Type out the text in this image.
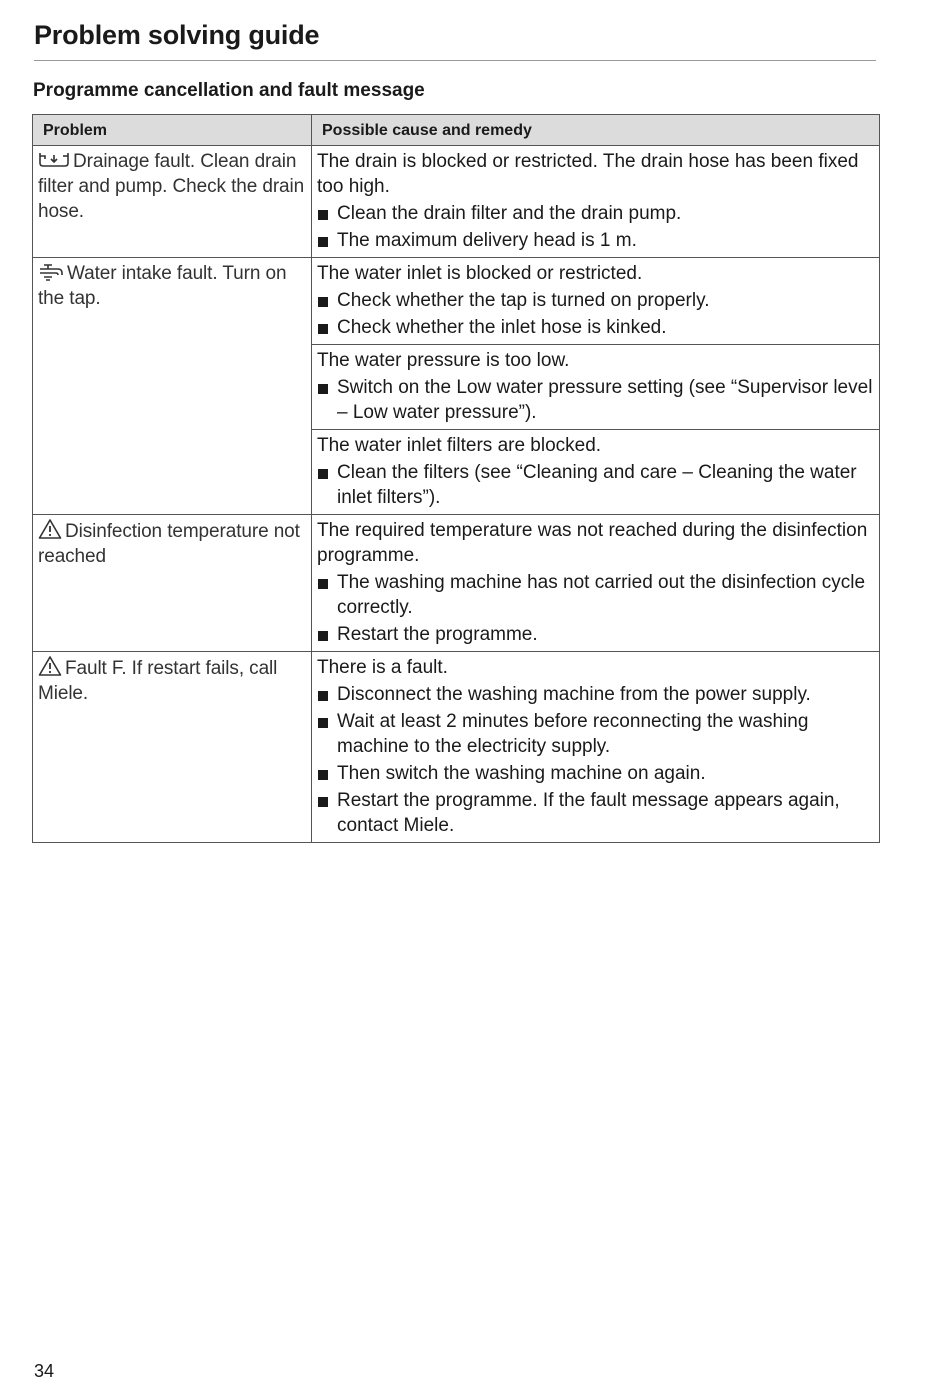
Problem solving guide
Programme cancellation and fault message
Problem	Possible cause and remedy
Drainage fault. Clean drain filter and pump. Check the drain hose.	The drain is blocked or restricted. The drain hose has been fixed too high.
Clean the drain filter and the drain pump.
The maximum delivery head is 1 m.

Water intake fault. Turn on the tap.	The water inlet is blocked or restricted.
Check whether the tap is turned on properly.
Check whether the inlet hose is kinked.

	The water pressure is too low.
Switch on the Low water pressure setting (see “Supervisor level – Low water pressure”).

	The water inlet filters are blocked.
Clean the filters (see “Cleaning and care – Cleaning the water inlet filters”).

Disinfection temperature not reached	The required temperature was not reached during the disinfection programme.
The washing machine has not carried out the disinfection cycle correctly.
Restart the programme.

Fault F. If restart fails, call Miele.	There is a fault.
Disconnect the washing machine from the power supply.
Wait at least 2 minutes before reconnecting the washing machine to the electricity supply.
Then switch the washing machine on again.
Restart the programme. If the fault message appears again, contact Miele.
34
